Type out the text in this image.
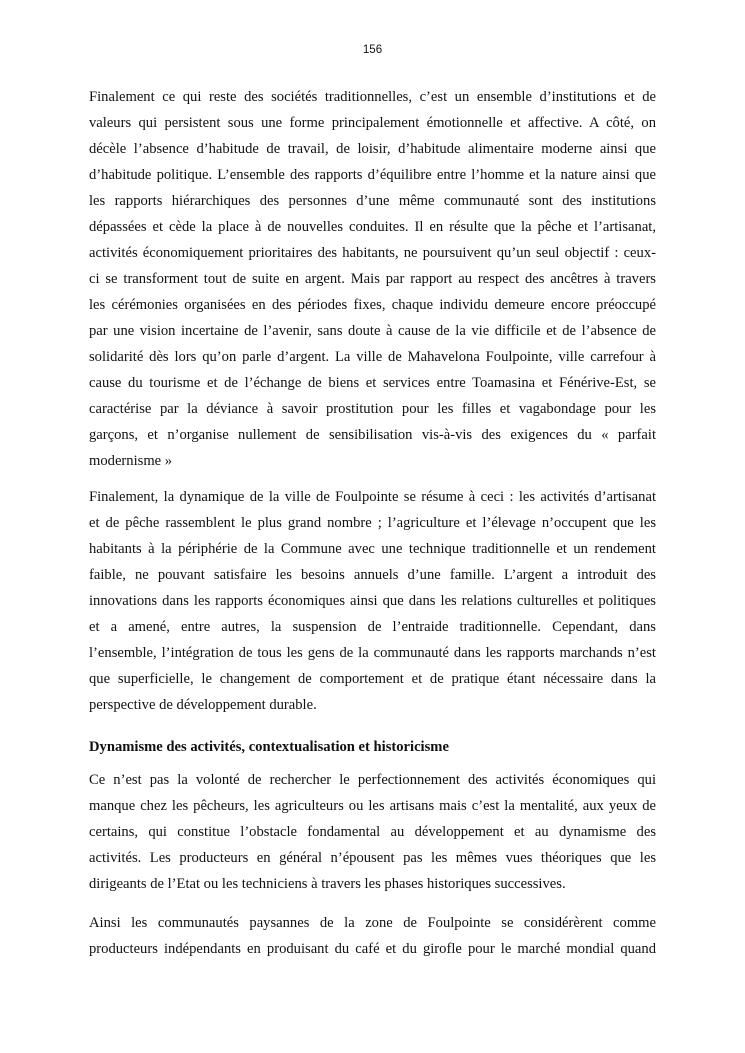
156
Finalement ce qui reste des sociétés traditionnelles, c’est un ensemble d’institutions et de
valeurs qui persistent sous une forme principalement émotionnelle et affective. A côté, on
décèle l’absence d’habitude de travail, de loisir, d’habitude alimentaire moderne ainsi que
d’habitude politique. L’ensemble des rapports d’équilibre entre l’homme et la nature ainsi que
les rapports hiérarchiques des personnes d’une même communauté sont des institutions
dépassées et cède la place à de nouvelles conduites. Il en résulte que la pêche et l’artisanat,
activités économiquement prioritaires des habitants, ne poursuivent qu’un seul objectif : ceux-
ci se transforment tout de suite en argent. Mais par rapport au respect des ancêtres à travers
les cérémonies organisées en des périodes fixes, chaque individu demeure encore préoccupé
par une vision incertaine de l’avenir, sans doute à cause de la vie difficile et de l’absence de
solidarité dès lors qu’on parle d’argent. La ville de Mahavelona Foulpointe, ville carrefour à
cause du tourisme et de l’échange de biens et services entre Toamasina et Fénérive-Est, se
caractérise par la déviance à savoir prostitution pour les filles et vagabondage pour les
garçons, et n’organise nullement de sensibilisation vis-à-vis des exigences du « parfait
modernisme »
Finalement, la dynamique de la ville de Foulpointe se résume à ceci : les activités d’artisanat
et de pêche rassemblent le plus grand nombre ; l’agriculture et l’élevage n’occupent que les
habitants à la périphérie de la Commune avec une technique traditionnelle et un rendement
faible, ne pouvant satisfaire les besoins annuels d’une famille. L’argent a introduit des
innovations dans les rapports économiques ainsi que dans les relations culturelles et politiques
et a amené, entre autres, la suspension de l’entraide traditionnelle. Cependant, dans
l’ensemble, l’intégration de tous les gens de la communauté dans les rapports marchands n’est
que superficielle, le changement de comportement et de pratique étant nécessaire dans la
perspective de développement durable.
Dynamisme des activités, contextualisation et historicisme
Ce n’est pas la volonté de rechercher le perfectionnement des activités économiques qui
manque chez les pêcheurs, les agriculteurs ou les artisans mais c’est la mentalité, aux yeux de
certains, qui constitue l’obstacle fondamental au développement et au dynamisme des
activités. Les producteurs en général n’épousent pas les mêmes vues théoriques que les
dirigeants de l’Etat ou les techniciens à travers les phases historiques successives.
Ainsi les communautés paysannes de la zone de Foulpointe se considérèrent comme
producteurs indépendants en produisant du café et du girofle pour le marché mondial quand
